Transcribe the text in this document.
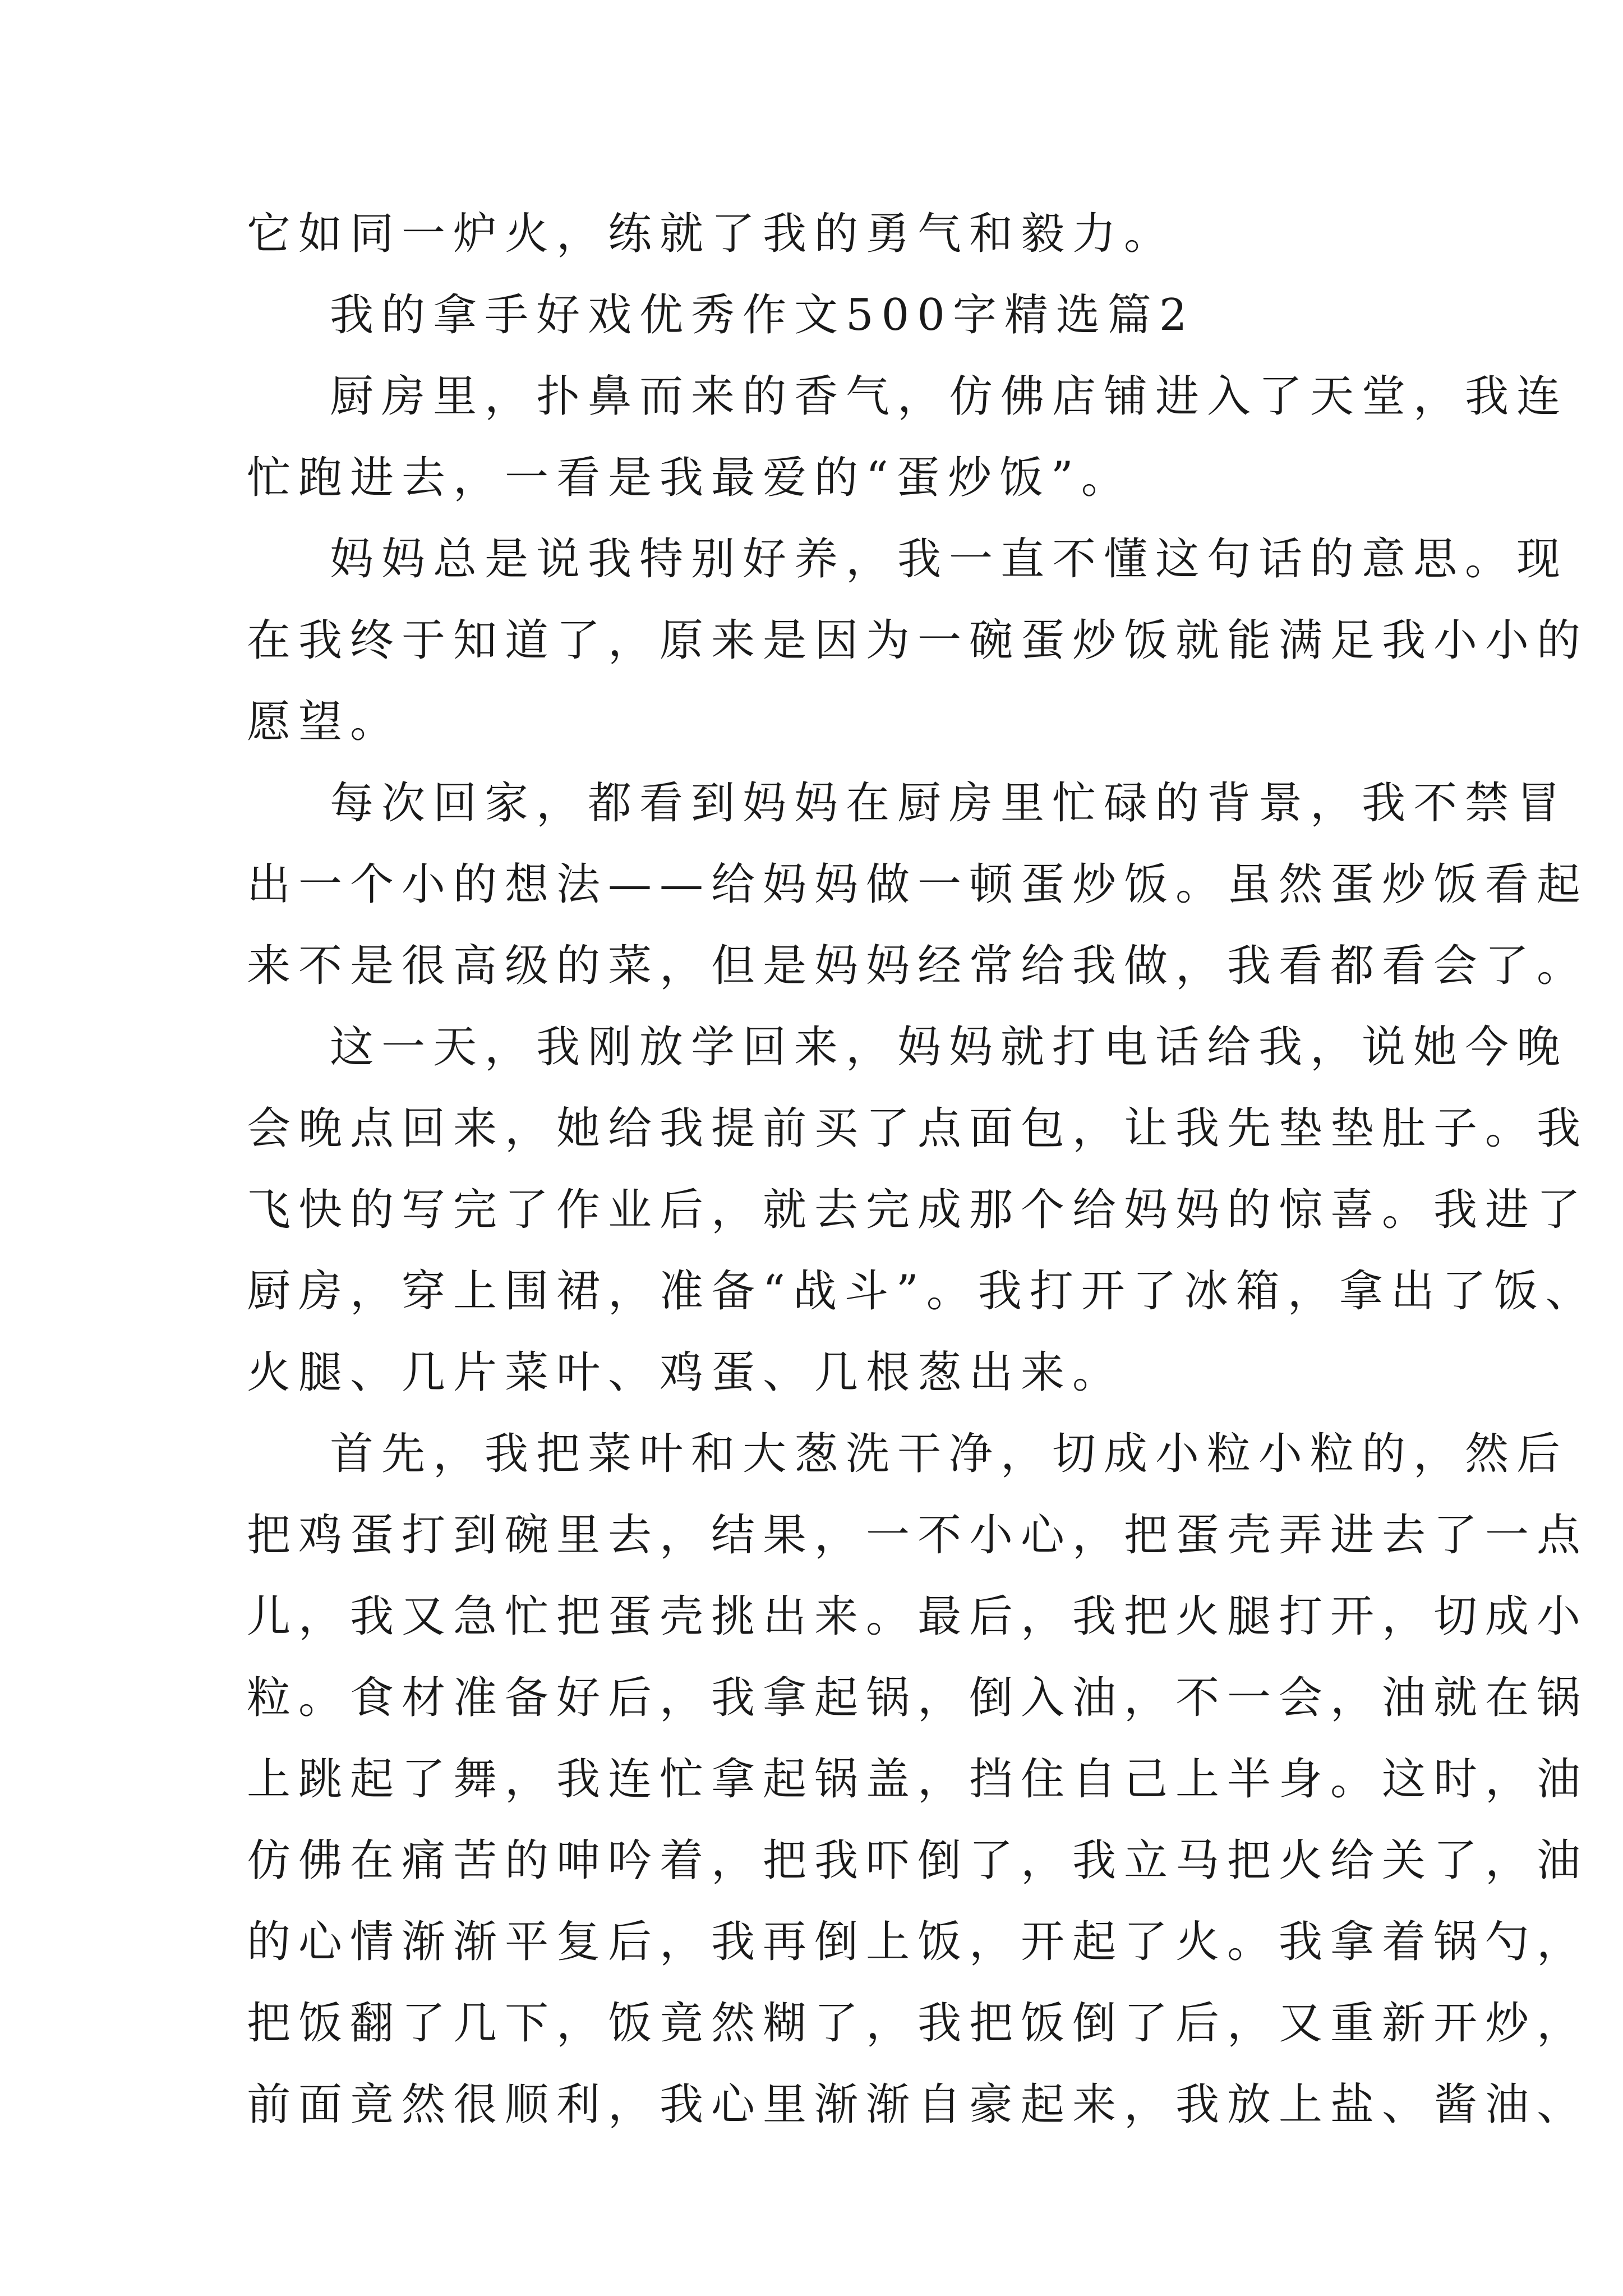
它如同一炉火，练就了我的勇气和毅力。
我的拿手好戏优秀作文500字精选篇2
厨房里，扑鼻而来的香气，仿佛店铺进入了天堂，我连
忙跑进去，一看是我最爱的“蛋炒饭”。
妈妈总是说我特别好养，我一直不懂这句话的意思。现
在我终于知道了，原来是因为一碗蛋炒饭就能满足我小小的
愿望。
每次回家，都看到妈妈在厨房里忙碌的背景，我不禁冒
出一个小的想法——给妈妈做一顿蛋炒饭。虽然蛋炒饭看起
来不是很高级的菜，但是妈妈经常给我做，我看都看会了。
这一天，我刚放学回来，妈妈就打电话给我，说她今晚
会晚点回来，她给我提前买了点面包，让我先垫垫肚子。我
飞快的写完了作业后，就去完成那个给妈妈的惊喜。我进了
厨房，穿上围裙，准备“战斗”。我打开了冰箱，拿出了饭、
火腿、几片菜叶、鸡蛋、几根葱出来。
首先，我把菜叶和大葱洗干净，切成小粒小粒的，然后
把鸡蛋打到碗里去，结果，一不小心，把蛋壳弄进去了一点
儿，我又急忙把蛋壳挑出来。最后，我把火腿打开，切成小
粒。食材准备好后，我拿起锅，倒入油，不一会，油就在锅
上跳起了舞，我连忙拿起锅盖，挡住自己上半身。这时，油
仿佛在痛苦的呻吟着，把我吓倒了，我立马把火给关了，油
的心情渐渐平复后，我再倒上饭，开起了火。我拿着锅勺，
把饭翻了几下，饭竟然糊了，我把饭倒了后，又重新开炒，
前面竟然很顺利，我心里渐渐自豪起来，我放上盐、酱油、
